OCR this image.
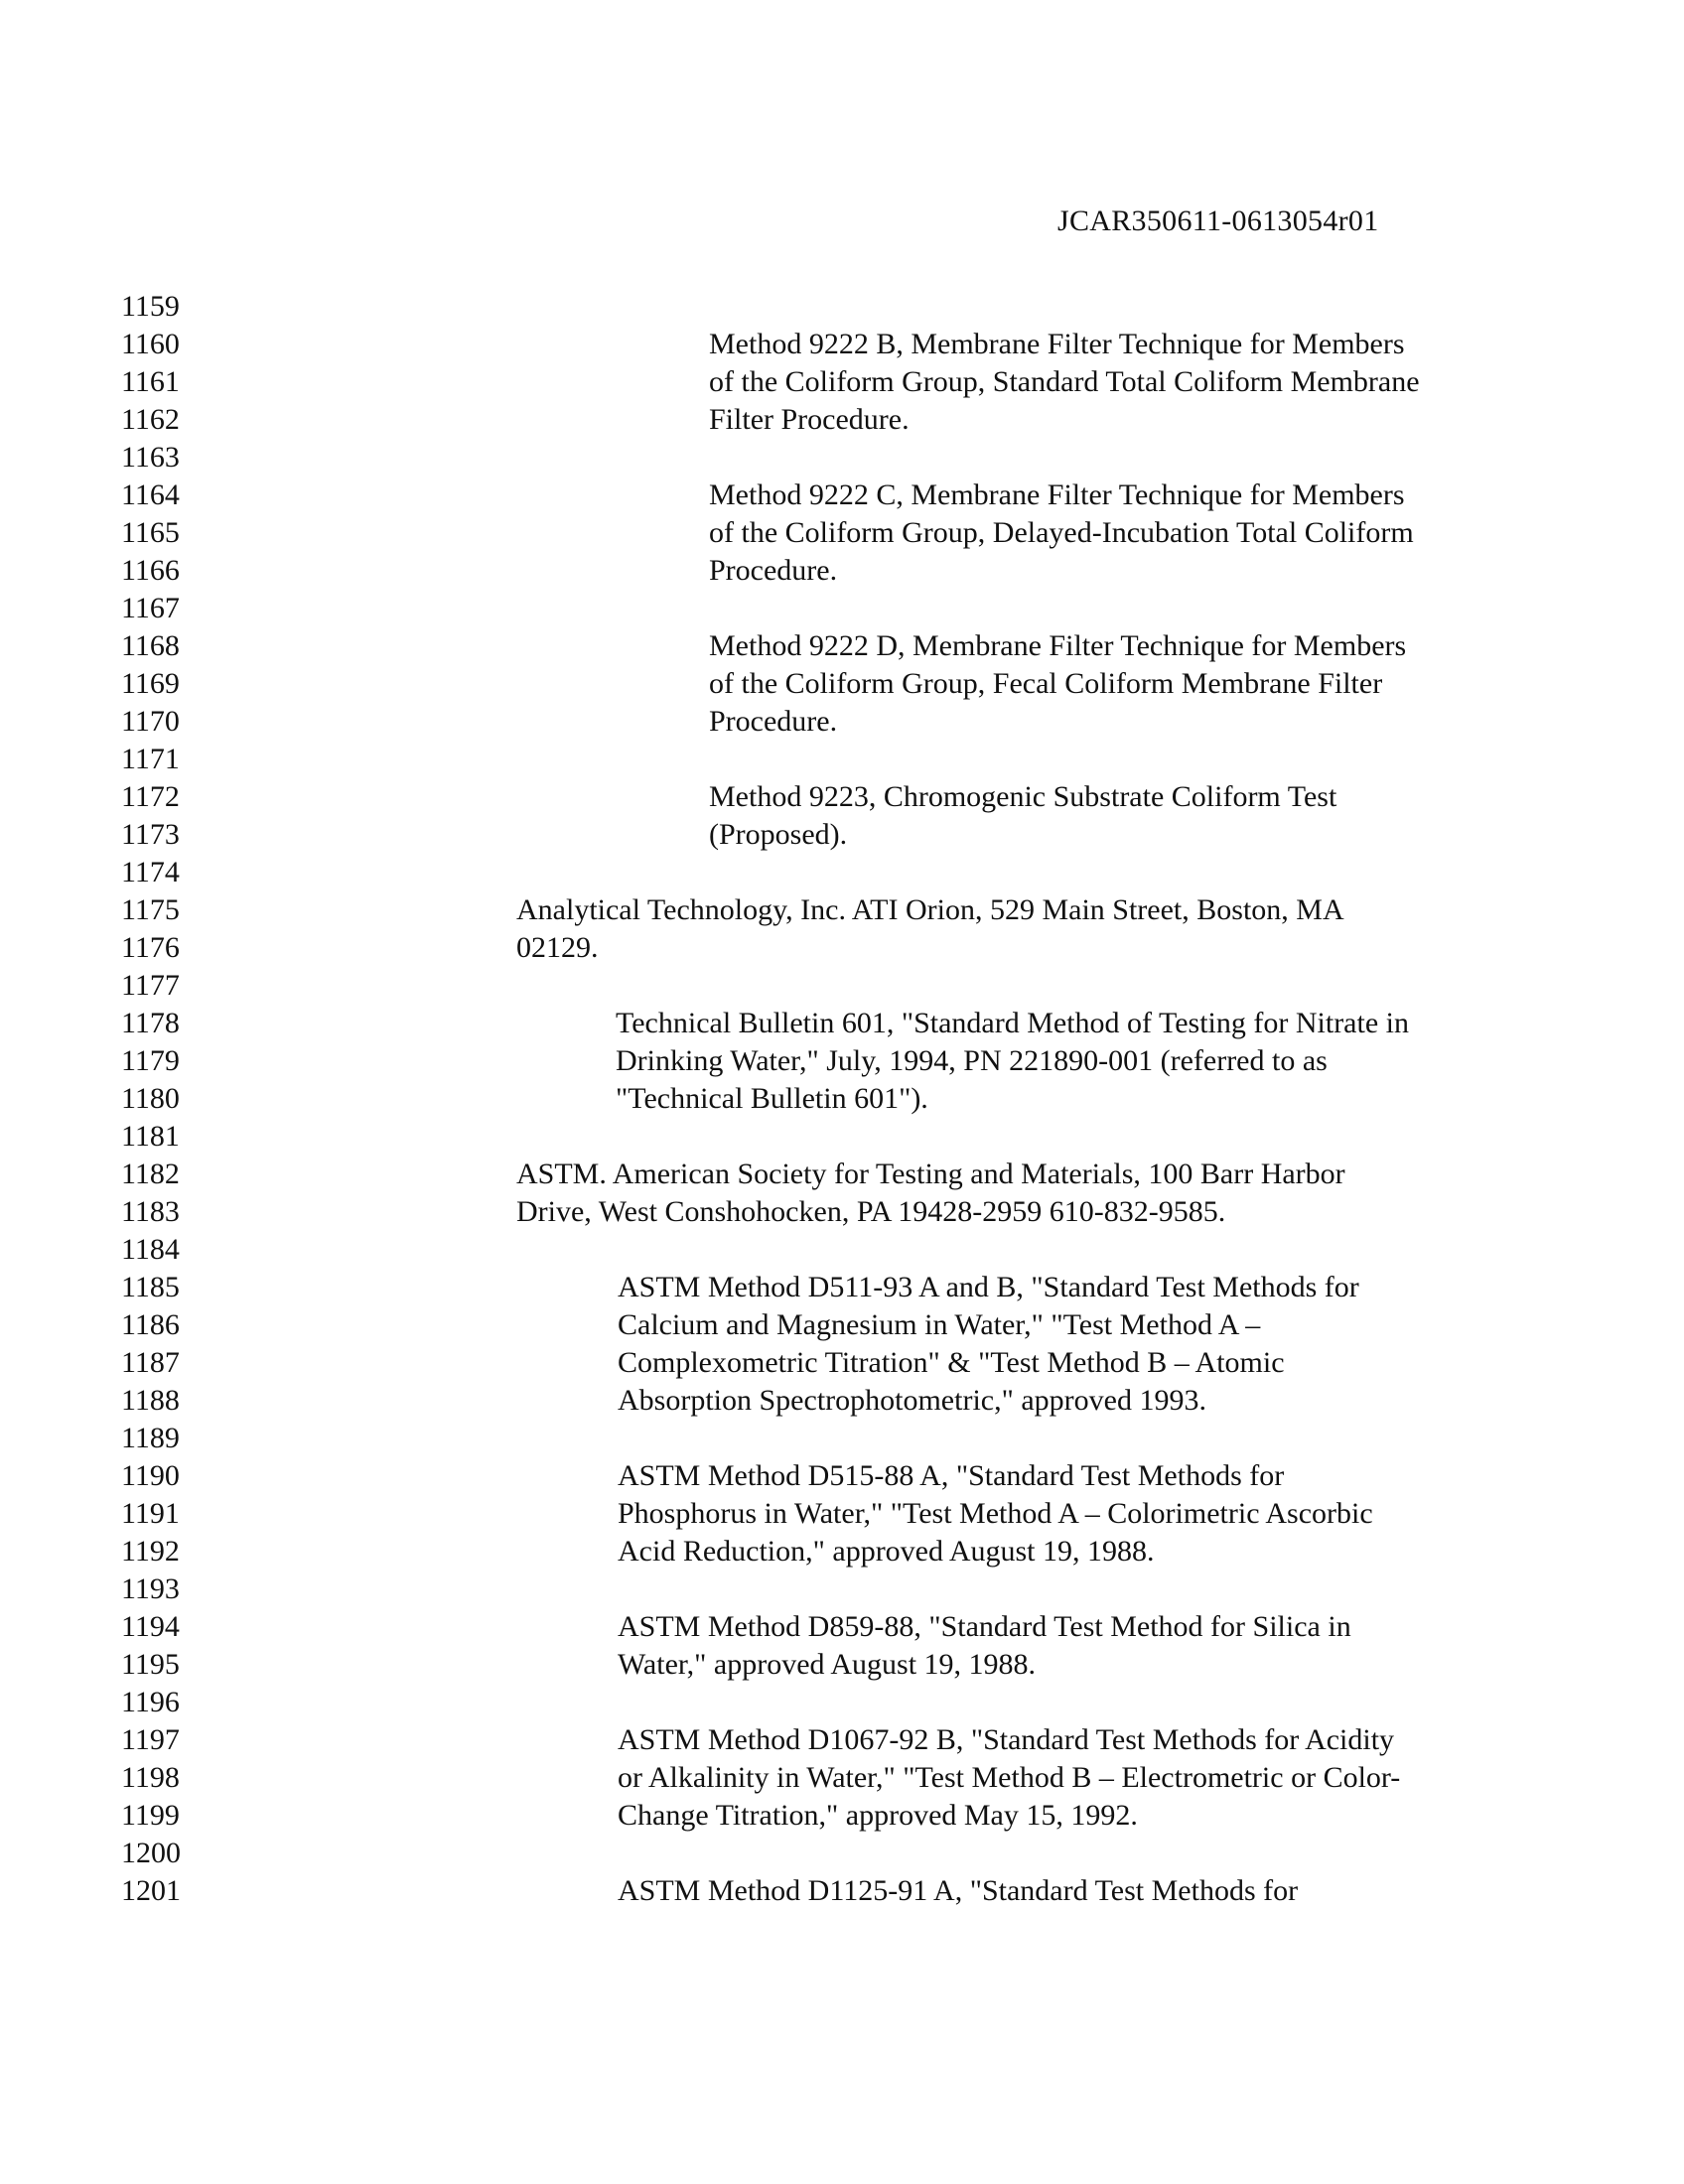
JCAR350611-0613054r01
1159
1160
1161
1162
1163
1164
1165
1166
1167
1168
1169
1170
1171
1172
1173
1174
1175
1176
1177
1178
1179
1180
1181
1182
1183
1184
1185
1186
1187
1188
1189
1190
1191
1192
1193
1194
1195
1196
1197
1198
1199
1200
1201
Method 9222 B, Membrane Filter Technique for Members
of the Coliform Group, Standard Total Coliform Membrane
Filter Procedure.
Method 9222 C, Membrane Filter Technique for Members
of the Coliform Group, Delayed-Incubation Total Coliform
Procedure.
Method 9222 D, Membrane Filter Technique for Members
of the Coliform Group, Fecal Coliform Membrane Filter
Procedure.
Method 9223, Chromogenic Substrate Coliform Test
(Proposed).
Analytical Technology, Inc. ATI Orion, 529 Main Street, Boston, MA
02129.
Technical Bulletin 601, "Standard Method of Testing for Nitrate in
Drinking Water," July, 1994, PN 221890-001 (referred to as
"Technical Bulletin 601").
ASTM. American Society for Testing and Materials, 100 Barr Harbor
Drive, West Conshohocken, PA 19428-2959 610-832-9585.
ASTM Method D511-93 A and B, "Standard Test Methods for
Calcium and Magnesium in Water," "Test Method A –
Complexometric Titration" & "Test Method B – Atomic
Absorption Spectrophotometric," approved 1993.
ASTM Method D515-88 A, "Standard Test Methods for
Phosphorus in Water," "Test Method A – Colorimetric Ascorbic
Acid Reduction," approved August 19, 1988.
ASTM Method D859-88, "Standard Test Method for Silica in
Water," approved August 19, 1988.
ASTM Method D1067-92 B, "Standard Test Methods for Acidity
or Alkalinity in Water," "Test Method B – Electrometric or Color-
Change Titration," approved May 15, 1992.
ASTM Method D1125-91 A, "Standard Test Methods for
